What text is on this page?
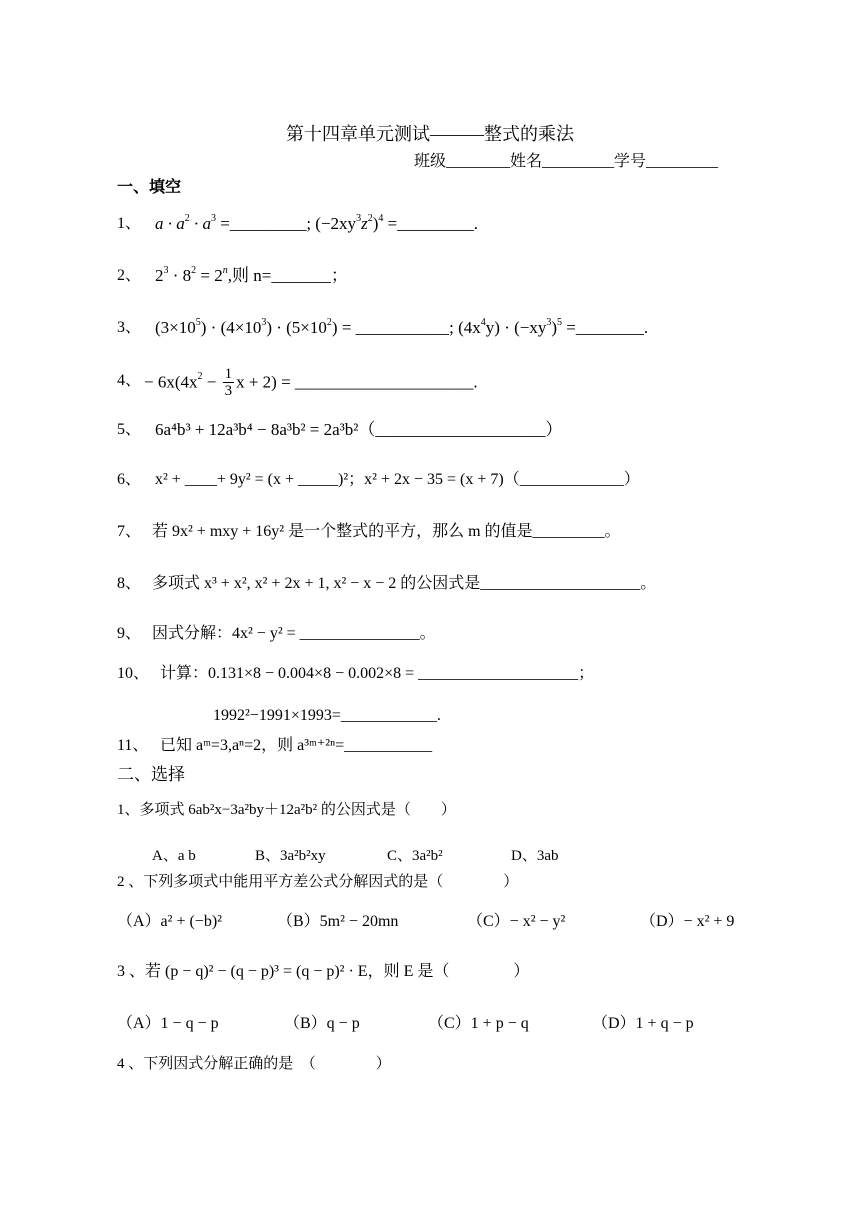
第十四章单元测试———整式的乘法
班级________姓名_________学号_________
一、填空
1、 $a \cdot a^2 \cdot a^3$ =_________; $(-2xy^3z^2)^4$ =_________.
2、 $2^3 \cdot 8^2 = 2^n$,则 n=_______；
3、 $(3\times 10^5) \cdot (4\times 10^3) \cdot (5\times 10^2)$ = ___________; $(4x^4y) \cdot (-xy^3)^5$ =________.
4、 − $6x(4x^2 - \frac{1}{3}$ x + 2) = _____________________.
5、 6a⁴b³ + 12a³b⁴ − 8a³b² = 2a³b²（____________________）
6、 x² + ____+ 9y² = (x + _____)²；x² + 2x − 35 = (x + 7)（_____________）
7、 若 9x² + mxy + 16y² 是一个整式的平方，那么 m 的值是_________。
8、 多项式 x³ + x², x² + 2x + 1, x² − x − 2 的公因式是____________________。
9、 因式分解：4x² − y² = _______________。
10、 计算：0.131×8 − 0.004×8 − 0.002×8 = ____________________；
1992²−1991×1993=____________.
11、 已知 aᵐ=3,aⁿ=2，则 a³ᵐ⁺²ⁿ=___________
二、选择
1、多项式 6ab²x−3a²by＋12a²b² 的公因式是（　　）
A、a b	B、3a²b²xy	C、3a²b²	D、3ab
2 、下列多项式中能用平方差公式分解因式的是（　　　　）
（A）a² + (−b)²	（B）5m² − 20mn	（C）− x² − y²	（D）− x² + 9
3 、若 (p − q)² − (q − p)³ = (q − p)² · E，则 E 是（　　　　）
（A）1 − q − p	（B）q − p	（C）1 + p − q	（D）1 + q − p
4 、下列因式分解正确的是　（　　　　）
